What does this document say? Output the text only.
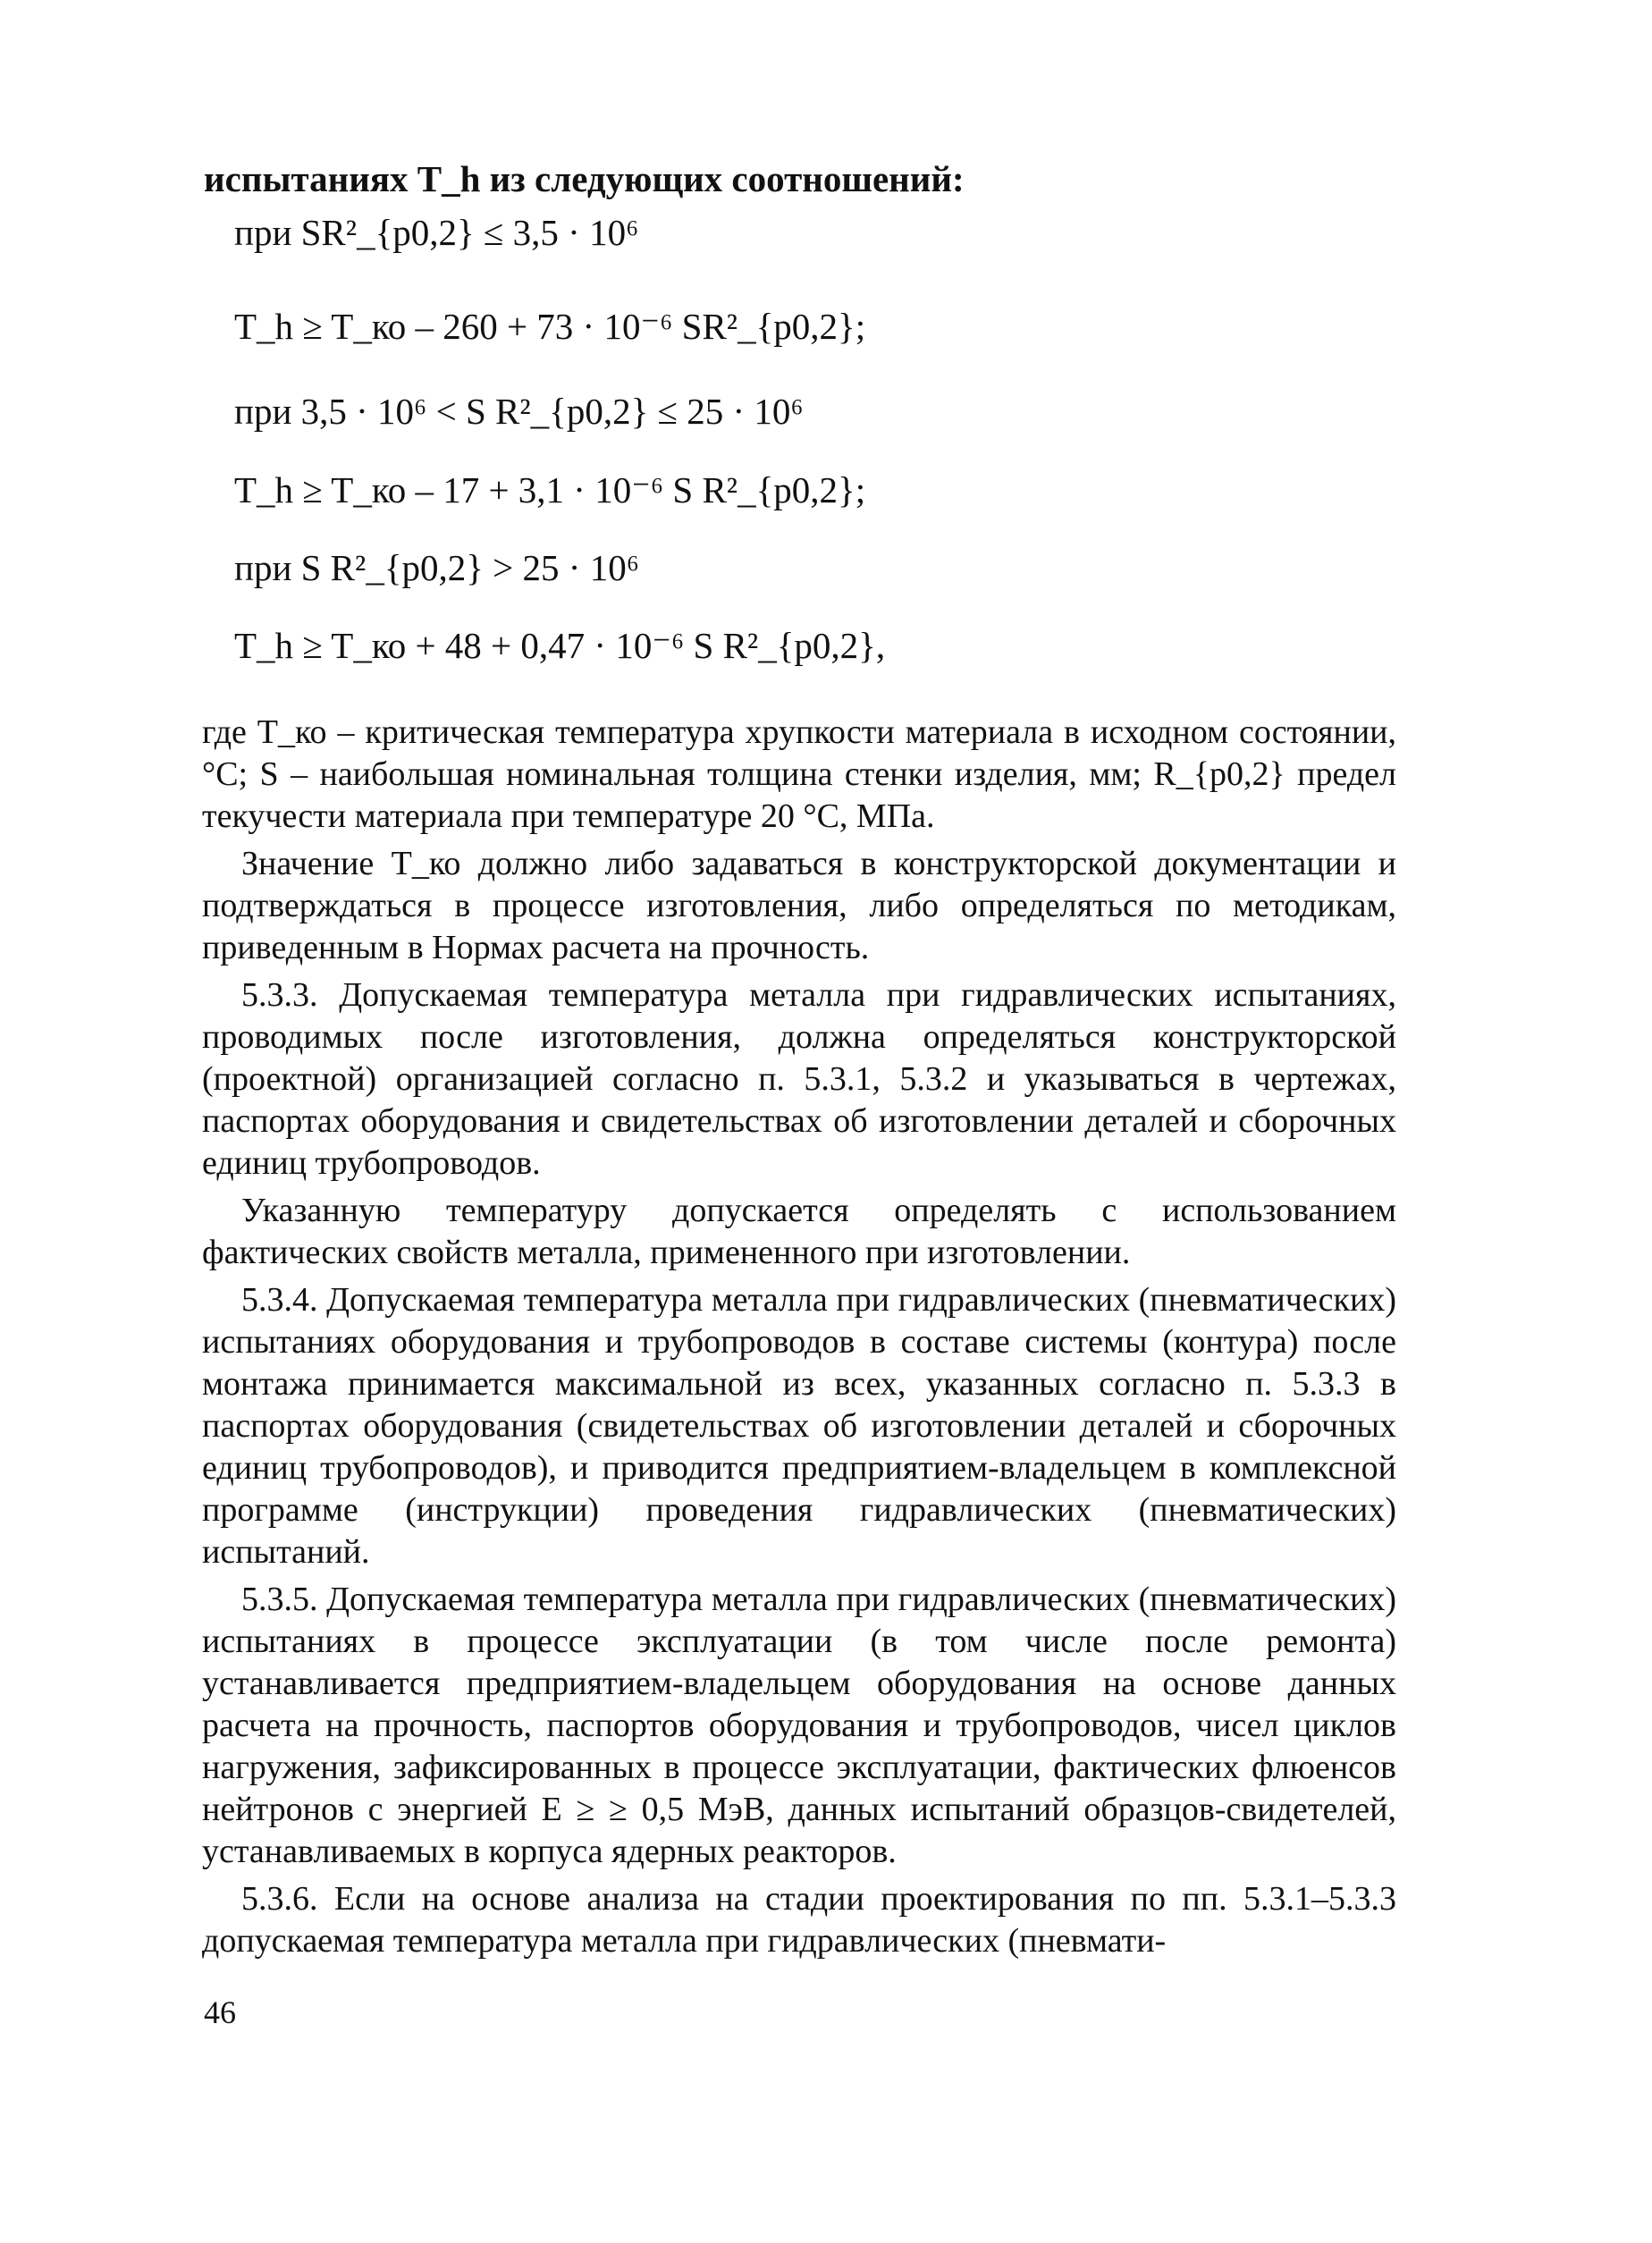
испытаниях T_h из следующих соотношений:
при SR²_{p0,2} ≤ 3,5 · 10⁶
T_h ≥ T_ко – 260 + 73 · 10⁻⁶ SR²_{p0,2};
при 3,5 · 10⁶ < S R²_{p0,2} ≤ 25 · 10⁶
T_h ≥ T_ко – 17 + 3,1 · 10⁻⁶ S R²_{p0,2};
при S R²_{p0,2} > 25 · 10⁶
T_h ≥ T_ко + 48 + 0,47 · 10⁻⁶ S R²_{p0,2},

где T_ко – критическая температура хрупкости материала в исходном состоянии, °С; S – наибольшая номинальная толщина стенки изделия, мм; R_{p0,2} предел текучести материала при температуре 20 °С, МПа.

Значение T_ко должно либо задаваться в конструкторской документации и подтверждаться в процессе изготовления, либо определяться по методикам, приведенным в Нормах расчета на прочность.

5.3.3. Допускаемая температура металла при гидравлических испытаниях, проводимых после изготовления, должна определяться конструкторской (проектной) организацией согласно п. 5.3.1, 5.3.2 и указываться в чертежах, паспортах оборудования и свидетельствах об изготовлении деталей и сборочных единиц трубопроводов.

Указанную температуру допускается определять с использованием фактических свойств металла, примененного при изготовлении.

5.3.4. Допускаемая температура металла при гидравлических (пневматических) испытаниях оборудования и трубопроводов в составе системы (контура) после монтажа принимается максимальной из всех, указанных согласно п. 5.3.3 в паспортах оборудования (свидетельствах об изготовлении деталей и сборочных единиц трубопроводов), и приводится предприятием-владельцем в комплексной программе (инструкции) проведения гидравлических (пневматических) испытаний.

5.3.5. Допускаемая температура металла при гидравлических (пневматических) испытаниях в процессе эксплуатации (в том числе после ремонта) устанавливается предприятием-владельцем оборудования на основе данных расчета на прочность, паспортов оборудования и трубопроводов, чисел циклов нагружения, зафиксированных в процессе эксплуатации, фактических флюенсов нейтронов с энергией E ≥ ≥ 0,5 МэВ, данных испытаний образцов-свидетелей, устанавливаемых в корпуса ядерных реакторов.

5.3.6. Если на основе анализа на стадии проектирования по пп. 5.3.1–5.3.3 допускаемая температура металла при гидравлических (пневмати-

46
